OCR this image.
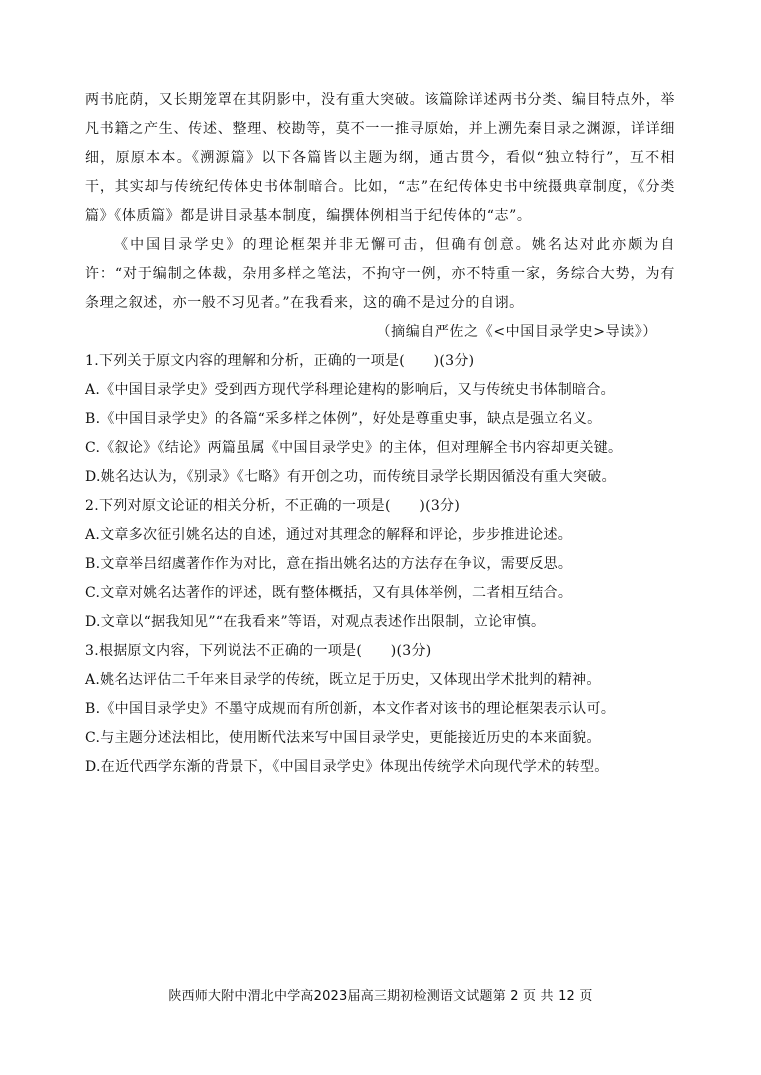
两书庇荫，又长期笼罩在其阴影中，没有重大突破。该篇除详述两书分类、编目特点外，举凡书籍之产生、传述、整理、校勘等，莫不一一推寻原始，并上溯先秦目录之渊源，详详细细，原原本本。《溯源篇》以下各篇皆以主题为纲，通古贯今，看似“独立特行”，互不相干，其实却与传统纪传体史书体制暗合。比如，“志”在纪传体史书中统摄典章制度，《分类篇》《体质篇》都是讲目录基本制度，编撰体例相当于纪传体的“志”。

《中国目录学史》的理论框架并非无懈可击，但确有创意。姚名达对此亦颇为自许：“对于编制之体裁，杂用多样之笔法，不拘守一例，亦不特重一家，务综合大势，为有条理之叙述，亦一般不习见者。”在我看来，这的确不是过分的自诩。

（摘编自严佐之《<中国目录学史>导读》）

1.下列关于原文内容的理解和分析，正确的一项是(　　)(3分)

A.《中国目录学史》受到西方现代学科理论建构的影响后，又与传统史书体制暗合。

B.《中国目录学史》的各篇“采多样之体例”，好处是尊重史事，缺点是强立名义。

C.《叙论》《结论》两篇虽属《中国目录学史》的主体，但对理解全书内容却更关键。

D.姚名达认为，《别录》《七略》有开创之功，而传统目录学长期因循没有重大突破。

2.下列对原文论证的相关分析，不正确的一项是(　　)(3分)

A.文章多次征引姚名达的自述，通过对其理念的解释和评论，步步推进论述。

B.文章举吕绍虞著作作为对比，意在指出姚名达的方法存在争议，需要反思。

C.文章对姚名达著作的评述，既有整体概括，又有具体举例，二者相互结合。

D.文章以“据我知见”“在我看来”等语，对观点表述作出限制，立论审慎。

3.根据原文内容，下列说法不正确的一项是(　　)(3分)

A.姚名达评估二千年来目录学的传统，既立足于历史，又体现出学术批判的精神。

B.《中国目录学史》不墨守成规而有所创新，本文作者对该书的理论框架表示认可。

C.与主题分述法相比，使用断代法来写中国目录学史，更能接近历史的本来面貌。

D.在近代西学东渐的背景下，《中国目录学史》体现出传统学术向现代学术的转型。

陕西师大附中渭北中学高2023届高三期初检测语文试题第 2 页 共 12 页
